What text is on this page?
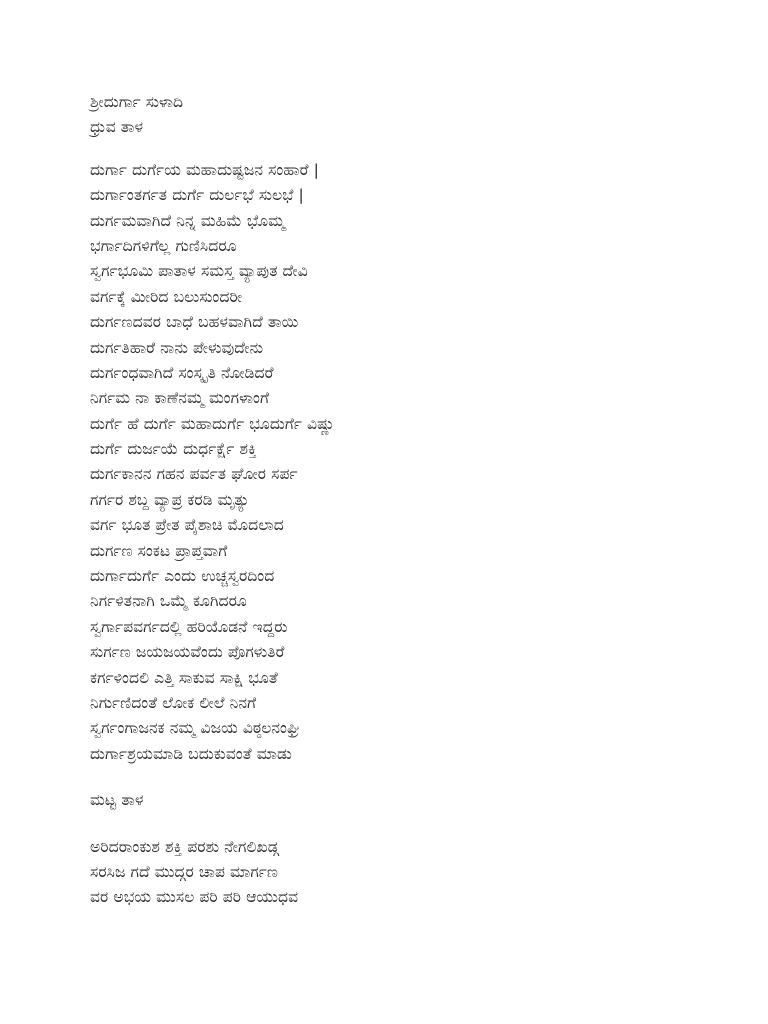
ಶ್ರೀದುರ್ಗಾ ಸುಳಾದಿ
ಧ್ರುವ ತಾಳ
ದುರ್ಗಾ ದುರ್ಗೆಯ ಮಹಾದುಷ್ಟಜನ ಸಂಹಾರೆ |
ದುರ್ಗಾಂತರ್ಗತ ದುರ್ಗೆ ದುರ್ಲಭೆ ಸುಲಭೆ |
ದುರ್ಗಮವಾಗಿದೆ ನಿನ್ನ ಮಹಿಮೆ ಭೊಮ್ಮ
ಭರ್ಗಾದಿಗಳಿಗೆಲ್ಲ ಗುಣಿಸಿದರೂ
ಸ್ವರ್ಗಭೂಮಿ ಪಾತಾಳ ಸಮಸ್ತ ವ್ಯಾಪುತ ದೇವಿ
ವರ್ಗಕ್ಕೆ ಮೀರಿದ ಬಲುಸುಂದರೀ
ದುರ್ಗಣದವರ ಬಾಧೆ ಬಹಳವಾಗಿದೆ ತಾಯಿ
ದುರ್ಗತಿಹಾರೆ ನಾನು ಪೇಳುವುದೇನು
ದುರ್ಗಂಧವಾಗಿದೆ ಸಂಸ್ಕೃತಿ ನೋಡಿದರೆ
ನಿರ್ಗಮ ನಾ ಕಾಣೆನಮ್ಮ ಮಂಗಳಾಂಗೆ
ದುರ್ಗೆ ಹೆ ದುರ್ಗೆ ಮಹಾದುರ್ಗೆ ಭೂದುರ್ಗೆ ವಿಷ್ಣು
ದುರ್ಗೆ ದುರ್ಜಯೆ ದುರ್ಧರ್ಕ್ಷೆ ಶಕ್ತಿ
ದುರ್ಗಕಾನನ ಗಹನ ಪರ್ವತ ಘೋರ ಸರ್ಪ
ಗರ್ಗರ ಶಬ್ದ ವ್ಯಾಪ್ರ ಕರಡಿ ಮೃತ್ಯು
ವರ್ಗ ಭೂತ ಪ್ರೇತ ಪೈಶಾಚಿ ಮೊದಲಾದ
ದುರ್ಗಣ ಸಂಕಟ ಪ್ರಾಪ್ತವಾಗೆ
ದುರ್ಗಾದುರ್ಗೆ ಎಂದು ಉಚ್ಚಸ್ವರದಿಂದ
ನಿರ್ಗಳಿತನಾಗಿ ಒಮ್ಮೆ ಕೂಗಿದರೂ
ಸ್ವರ್ಗಾಪವರ್ಗದಲ್ಲಿ ಹರಿಯೊಡನೆ ಇದ್ದರು
ಸುರ್ಗಣ ಜಯಜಯವೆಂದು ಪೊಗಳುತಿರೆ
ಕರ್ಗಳಿಂದಲಿ ಎತ್ತಿ ಸಾಕುವ ಸಾಕ್ಷಿ ಭೂತೆ
ನಿರ್ಗುಣಿದಂತೆ ಲೋಕ ಲೀಲೆ ನಿನಗೆ
ಸ್ವರ್ಗಂಗಾಜನಕ ನಮ್ಮ ವಿಜಯ ವಿಠ್ಠಲನಂಘ್ರಿ
ದುರ್ಗಾಶ್ರಯಮಾಡಿ ಬದುಕುವಂತೆ ಮಾಡು
ಮಟ್ಟ ತಾಳ
ಅರಿದರಾಂಕುಶ ಶಕ್ತಿ ಪರಶು ನೇಗಲಿಖಡ್ಗ
ಸರಸಿಜ ಗದೆ ಮುದ್ಗರ ಚಾಪ ಮಾರ್ಗಣ
ವರ ಅಭಯ ಮುಸಲ ಪರಿ ಪರಿ ಆಯುಧವ
